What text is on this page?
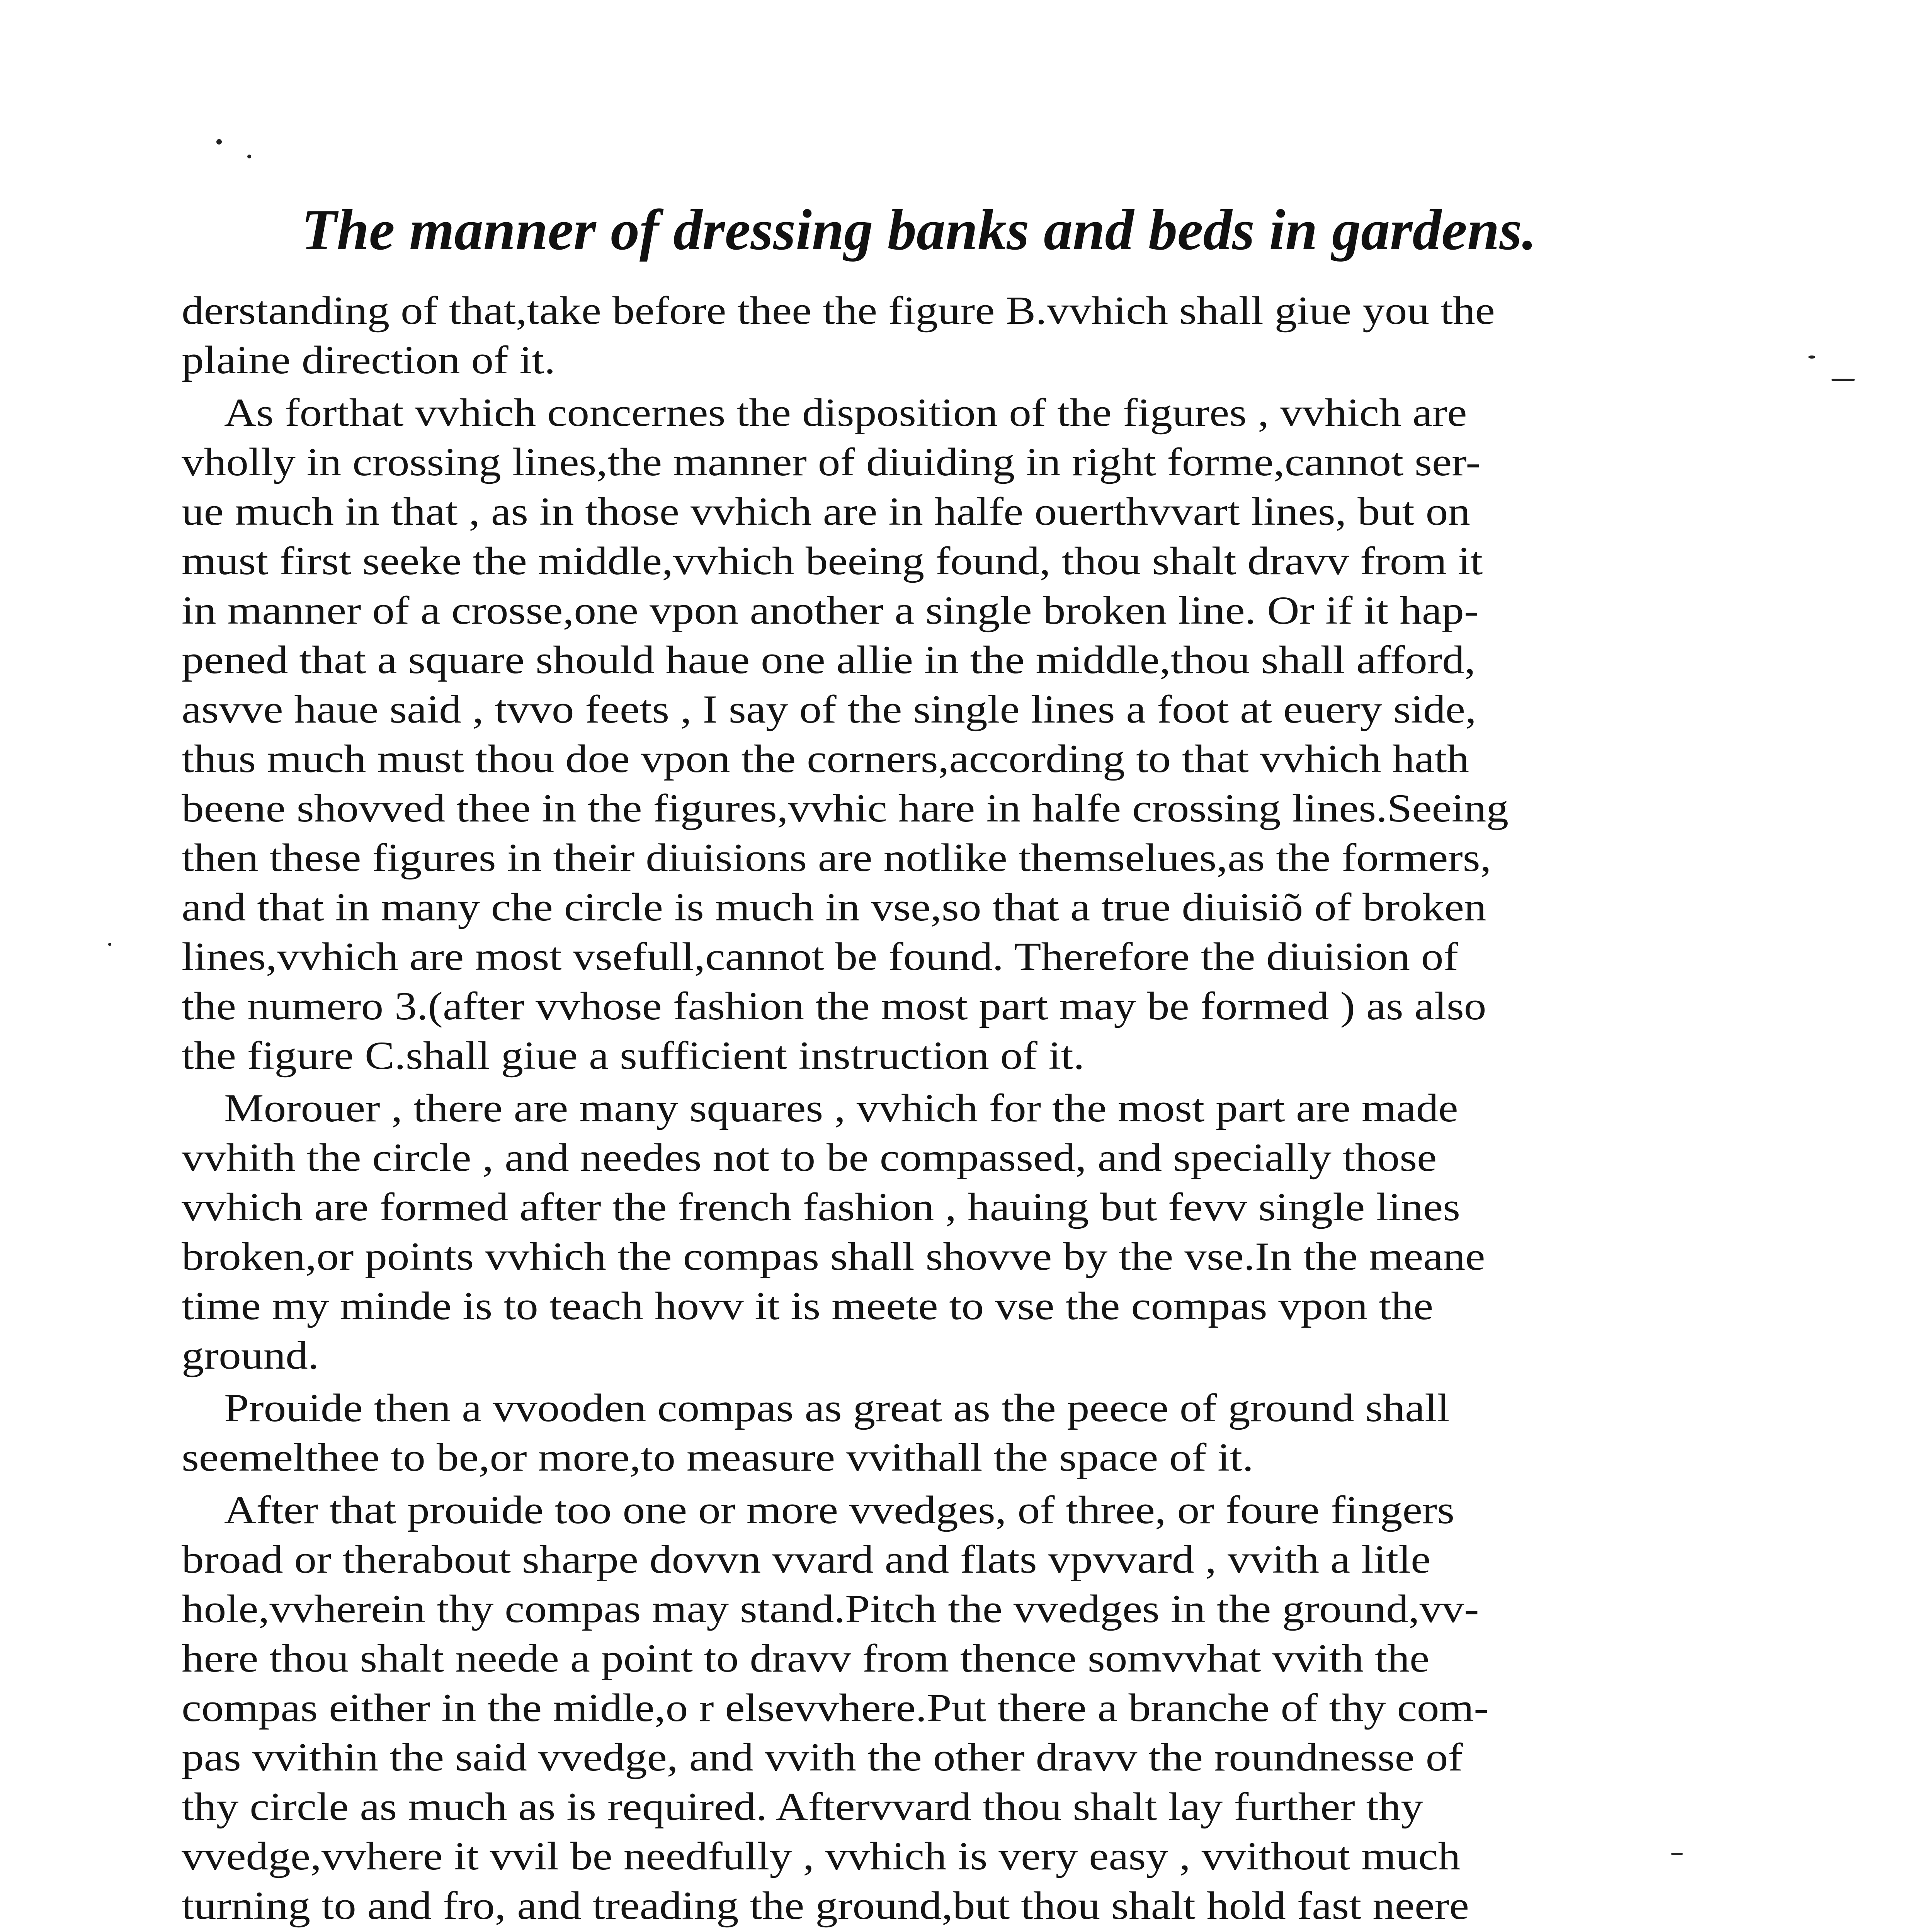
The manner of dressing banks and beds in gardens.
derstanding of that,take before thee the figure B.vvhich shall giue you the
plaine direction of it.
As forthat vvhich concernes the disposition of the figures , vvhich are
vholly in crossing lines,the manner of diuiding in right forme,cannot ser-
ue much in that , as in those vvhich are in halfe ouerthvvart lines, but on
must first seeke the middle,vvhich beeing found, thou shalt dravv from it
in manner of a crosse,one vpon another a single broken line. Or if it hap-
pened that a square should haue one allie in the middle,thou shall afford,
asvve haue said , tvvo feets , I say of the single lines a foot at euery side,
thus much must thou doe vpon the corners,according to that vvhich hath
beene shovved thee in the figures,vvhic hare in halfe crossing lines.Seeing
then these figures in their diuisions are notlike themselues,as the formers,
and that in many che circle is much in vse,so that a true diuisiõ of broken
lines,vvhich are most vsefull,cannot be found. Therefore the diuision of
the numero 3.(after vvhose fashion the most part may be formed ) as also
the figure C.shall giue a sufficient instruction of it.
Morouer , there are many squares , vvhich for the most part are made
vvhith the circle , and needes not to be compassed, and specially those
vvhich are formed after the french fashion , hauing but fevv single lines
broken,or points vvhich the compas shall shovve by the vse.In the meane
time my minde is to teach hovv it is meete to vse the compas vpon the
ground.
Prouide then a vvooden compas as great as the peece of ground shall
seemelthee to be,or more,to measure vvithall the space of it.
After that prouide too one or more vvedges, of three, or foure fingers
broad or therabout sharpe dovvn vvard and flats vpvvard , vvith a litle
hole,vvherein thy compas may stand.Pitch the vvedges in the ground,vv-
here thou shalt neede a point to dravv from thence somvvhat vvith the
compas either in the midle,o r elsevvhere.Put there a branche of thy com-
pas vvithin the said vvedge, and vvith the other dravv the roundnesse of
thy circle as much as is required. Aftervvard thou shalt lay further thy
vvedge,vvhere it vvil be needfully , vvhich is very easy , vvithout much
turning to and fro, and treading the ground,but thou shalt hold fast neere
